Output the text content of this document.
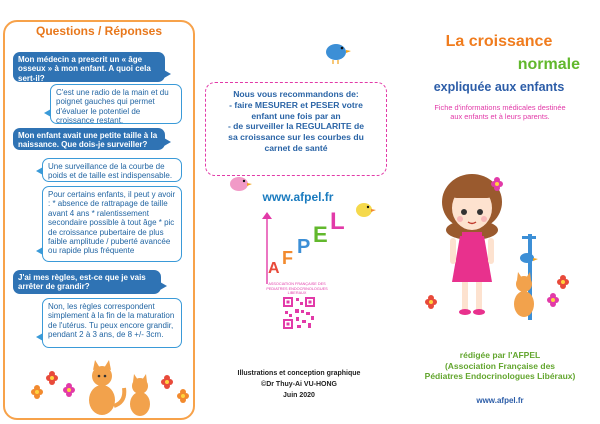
Questions / Réponses
Mon médecin a prescrit un « âge osseux » à mon enfant. A quoi cela sert-il?
C'est une radio de la main et du poignet gauches qui permet d'évaluer le potentiel de croissance restant.
Mon enfant avait une petite taille à la naissance. Que dois-je surveiller?
Une surveillance de la courbe de poids et de taille est indispensable.
Pour certains enfants, il peut y avoir : * absence de rattrapage de taille avant 4 ans * ralentissement secondaire possible à tout âge * pic de croissance pubertaire de plus faible amplitude / puberté avancée ou rapide plus fréquente
J'ai mes règles, est-ce que je vais arrêter de grandir?
Non, les règles correspondent simplement à la fin de la maturation de l'utérus. Tu peux encore grandir, pendant 2 à 3 ans, de 8 +/- 3cm.
Nous vous recommandons de:
- faire MESURER et PESER votre
enfant une fois par an
- de surveiller la REGULARITE de
sa croissance sur les courbes du
carnet de santé
www.afpel.fr
A
F P E L
ASSOCIATION FRANÇAISE DES PEDIATRES ENDOCRINOLOGUES LIBERAUX
Illustrations et conception graphique
©Dr Thuy-Ai VU-HONG
Juin 2020
La croissance
normale
expliquée aux enfants
Fiche d'informations médicales destinée
aux enfants et à leurs parents.
rédigée par l'AFPEL
(Association Française des
Pédiatres Endocrinologues Libéraux)
www.afpel.fr
